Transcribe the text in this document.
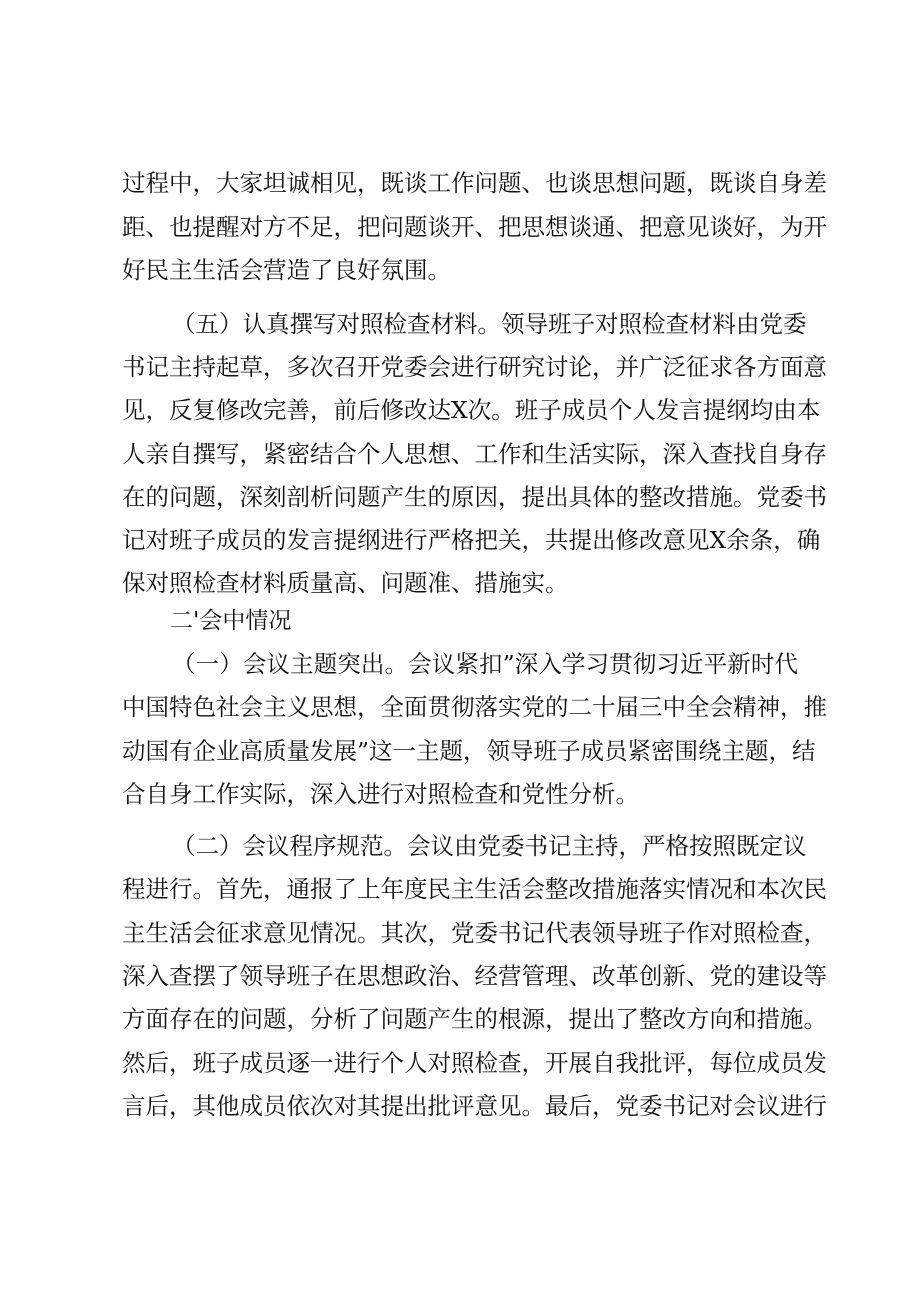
过程中，大家坦诚相见，既谈工作问题、也谈思想问题，既谈自身差
距、也提醒对方不足，把问题谈开、把思想谈通、把意见谈好，为开
好民主生活会营造了良好氛围。
（五）认真撰写对照检查材料。领导班子对照检查材料由党委
书记主持起草，多次召开党委会进行研究讨论，并广泛征求各方面意
见，反复修改完善，前后修改达X次。班子成员个人发言提纲均由本
人亲自撰写，紧密结合个人思想、工作和生活实际，深入查找自身存
在的问题，深刻剖析问题产生的原因，提出具体的整改措施。党委书
记对班子成员的发言提纲进行严格把关，共提出修改意见X余条，确
保对照检查材料质量高、问题准、措施实。
二'会中情况
（一）会议主题突出。会议紧扣”深入学习贯彻习近平新时代
中国特色社会主义思想，全面贯彻落实党的二十届三中全会精神，推
动国有企业高质量发展”这一主题，领导班子成员紧密围绕主题，结
合自身工作实际，深入进行对照检查和党性分析。
（二）会议程序规范。会议由党委书记主持，严格按照既定议
程进行。首先，通报了上年度民主生活会整改措施落实情况和本次民
主生活会征求意见情况。其次，党委书记代表领导班子作对照检查，
深入查摆了领导班子在思想政治、经营管理、改革创新、党的建设等
方面存在的问题，分析了问题产生的根源，提出了整改方向和措施。
然后，班子成员逐一进行个人对照检查，开展自我批评，每位成员发
言后，其他成员依次对其提出批评意见。最后，党委书记对会议进行
